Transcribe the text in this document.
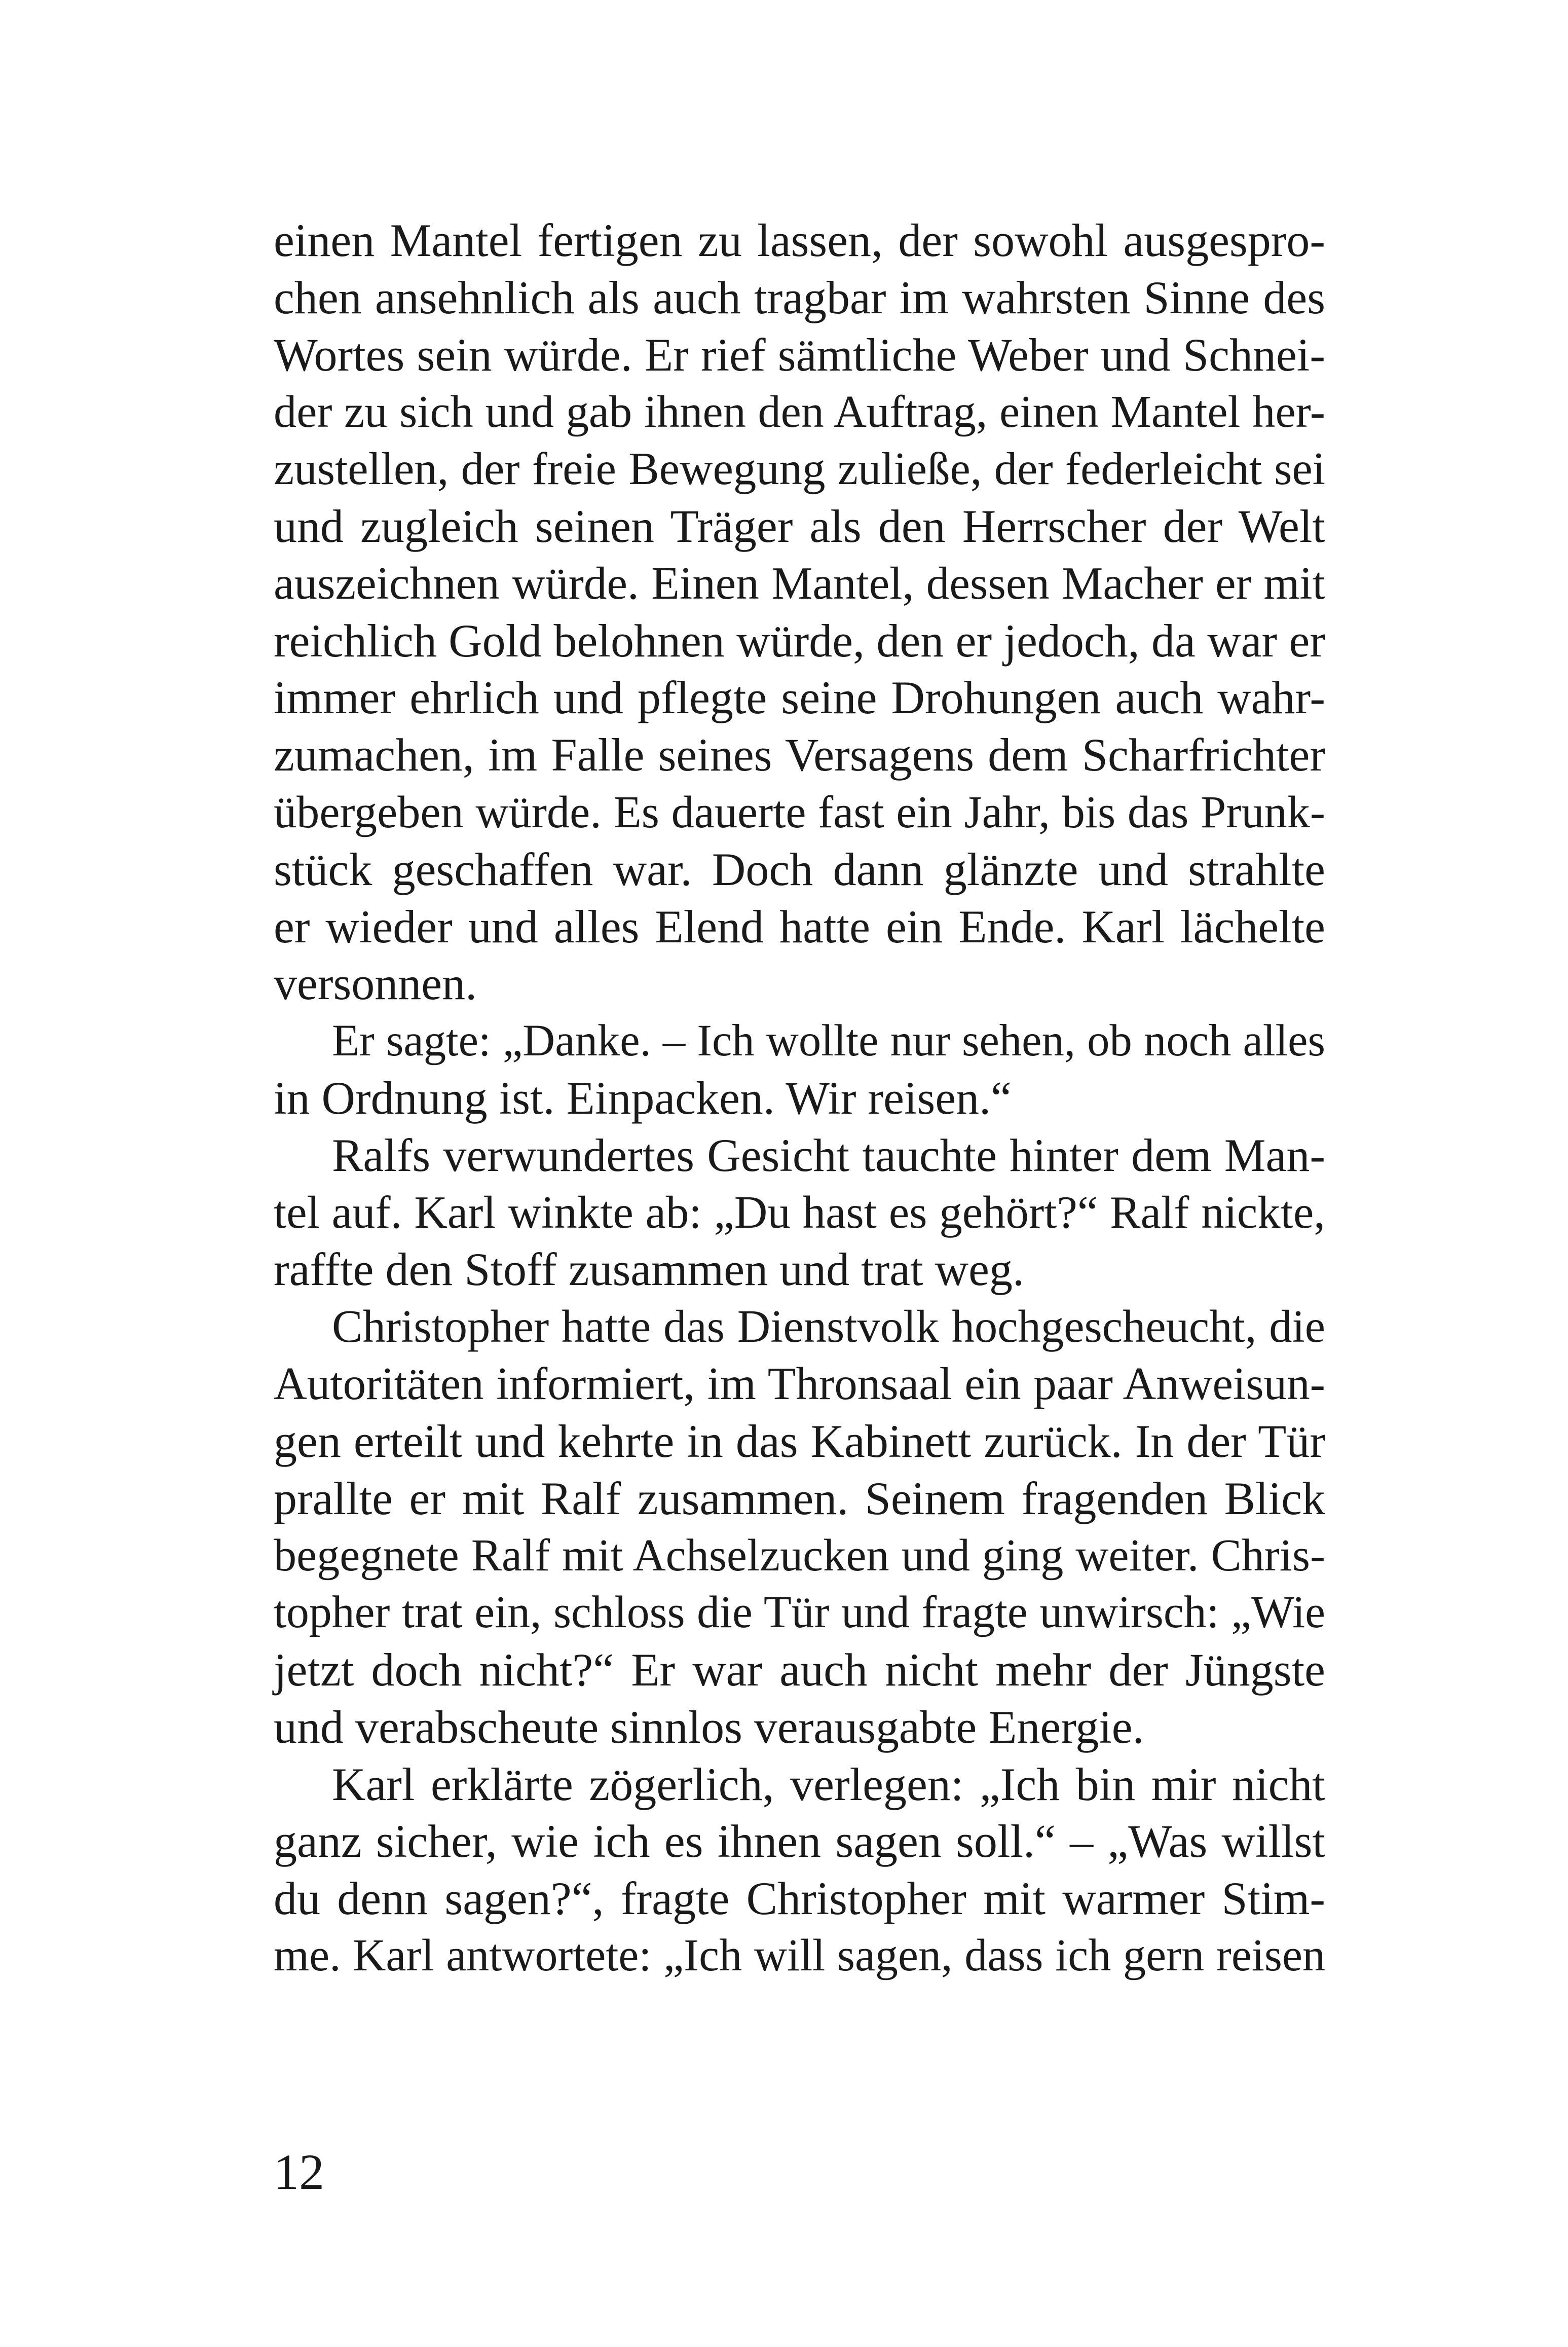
einen Mantel fertigen zu lassen, der sowohl ausgespro-
chen ansehnlich als auch tragbar im wahrsten Sinne des
Wortes sein würde. Er rief sämtliche Weber und Schnei-
der zu sich und gab ihnen den Auftrag, einen Mantel her-
zustellen, der freie Bewegung zuließe, der federleicht sei
und zugleich seinen Träger als den Herrscher der Welt
auszeichnen würde. Einen Mantel, dessen Macher er mit
reichlich Gold belohnen würde, den er jedoch, da war er
immer ehrlich und pflegte seine Drohungen auch wahr-
zumachen, im Falle seines Versagens dem Scharfrichter
übergeben würde. Es dauerte fast ein Jahr, bis das Prunk-
stück geschaffen war. Doch dann glänzte und strahlte
er wieder und alles Elend hatte ein Ende. Karl lächelte
versonnen.
Er sagte: „Danke. – Ich wollte nur sehen, ob noch alles
in Ordnung ist. Einpacken. Wir reisen.“
Ralfs verwundertes Gesicht tauchte hinter dem Man-
tel auf. Karl winkte ab: „Du hast es gehört?“ Ralf nickte,
raffte den Stoff zusammen und trat weg.
Christopher hatte das Dienstvolk hochgescheucht, die
Autoritäten informiert, im Thronsaal ein paar Anweisun-
gen erteilt und kehrte in das Kabinett zurück. In der Tür
prallte er mit Ralf zusammen. Seinem fragenden Blick
begegnete Ralf mit Achselzucken und ging weiter. Chris-
topher trat ein, schloss die Tür und fragte unwirsch: „Wie
jetzt doch nicht?“ Er war auch nicht mehr der Jüngste
und verabscheute sinnlos verausgabte Energie.
Karl erklärte zögerlich, verlegen: „Ich bin mir nicht
ganz sicher, wie ich es ihnen sagen soll.“ – „Was willst
du denn sagen?“, fragte Christopher mit warmer Stim-
me. Karl antwortete: „Ich will sagen, dass ich gern reisen
12
